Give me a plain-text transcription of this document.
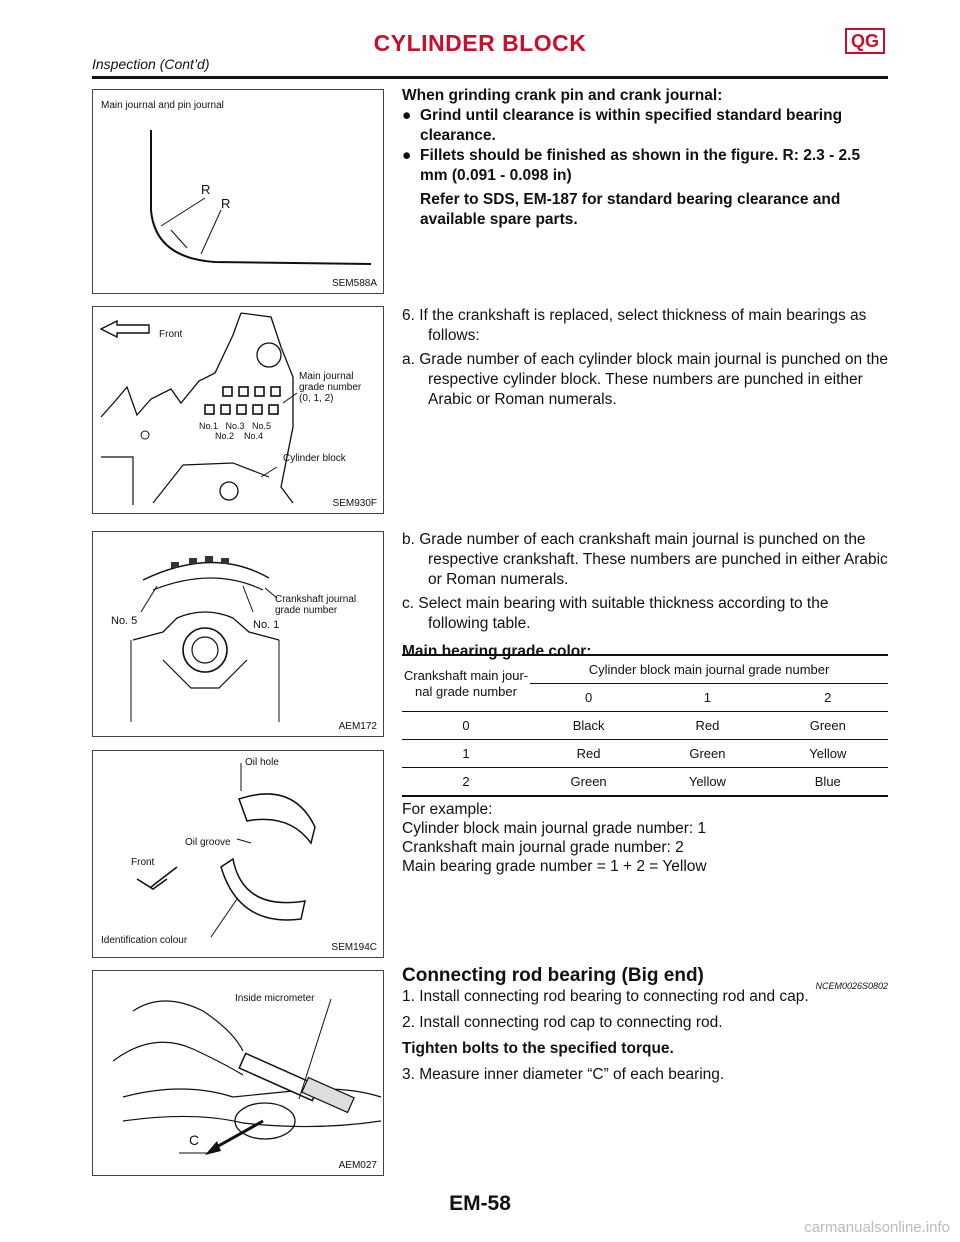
CYLINDER BLOCK	QG
Inspection (Cont’d)
Main journal and pin journal
R
R
SEM588A
Front
Main journal
grade number
(0, 1, 2)
No.1   No.3   No.5
No.2    No.4
Cylinder block
SEM930F
No. 5	No. 1
Crankshaft journal
grade number
AEM172
Oil hole
Oil groove
Front
Identification colour
SEM194C
Inside micrometer
C
AEM027
When grinding crank pin and crank journal:
● Grind until clearance is within specified standard bearing clearance.
● Fillets should be finished as shown in the figure. R: 2.3 - 2.5 mm (0.091 - 0.098 in)
Refer to SDS, EM-187 for standard bearing clearance and available spare parts.
6. If the crankshaft is replaced, select thickness of main bearings as follows:
a. Grade number of each cylinder block main journal is punched on the respective cylinder block. These numbers are punched in either Arabic or Roman numerals.
b. Grade number of each crankshaft main journal is punched on the respective crankshaft. These numbers are punched in either Arabic or Roman numerals.
c. Select main bearing with suitable thickness according to the following table.
Main bearing grade color:
Crankshaft main jour-
nal grade number	Cylinder block main journal grade number		
	0	1	2
0	Black	Red	Green
1	Red	Green	Yellow
2	Green	Yellow	Blue
For example:
Cylinder block main journal grade number: 1
Crankshaft main journal grade number: 2
Main bearing grade number = 1 + 2 = Yellow
Connecting rod bearing (Big end)	NCEM0026S0802
1. Install connecting rod bearing to connecting rod and cap.
2. Install connecting rod cap to connecting rod.
Tighten bolts to the specified torque.
3. Measure inner diameter “C” of each bearing.
EM-58
carmanualsonline.info
